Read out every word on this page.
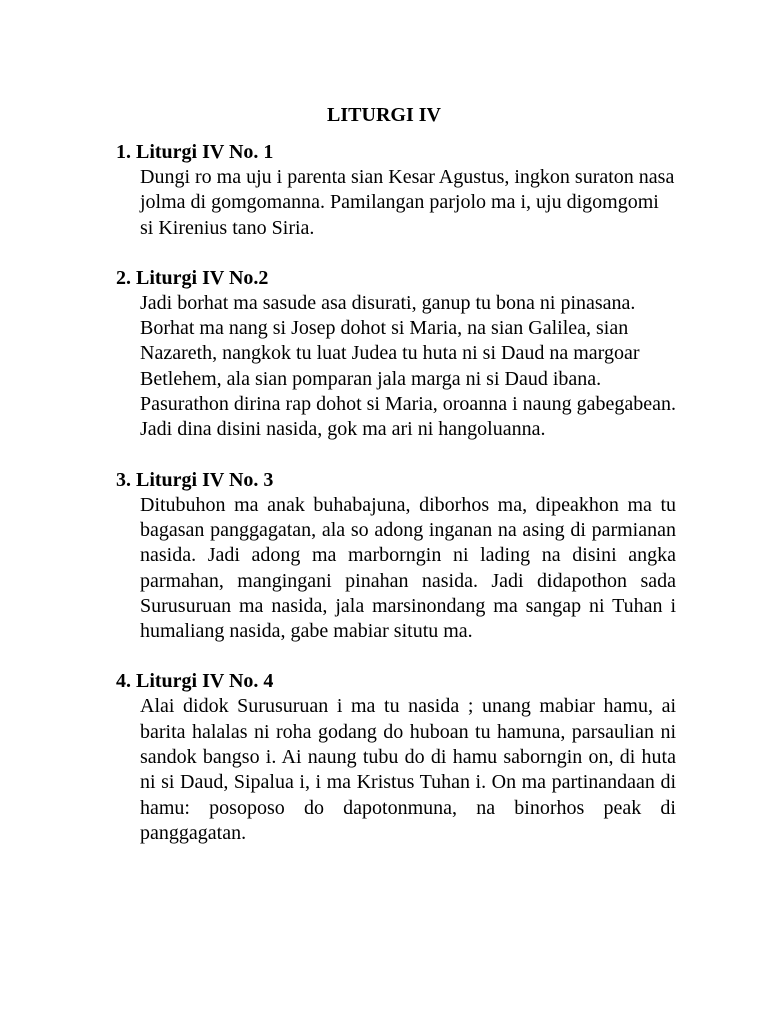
LITURGI IV

1. Liturgi IV No. 1

Dungi ro ma uju i parenta sian Kesar Agustus, ingkon suraton nasa jolma di gomgomanna. Pamilangan parjolo ma i, uju digomgomi si Kirenius tano Siria.

2. Liturgi IV No.2

Jadi borhat ma sasude asa disurati, ganup tu bona ni pinasana. Borhat ma nang si Josep dohot si Maria, na sian Galilea, sian Nazareth, nangkok tu luat Judea tu huta ni si Daud na margoar Betlehem, ala sian pomparan jala marga ni si Daud ibana. Pasurathon dirina rap dohot si Maria, oroanna i naung gabegabean. Jadi dina disini nasida, gok ma ari ni hangoluanna.

3. Liturgi IV No. 3

Ditubuhon ma anak buhabajuna, diborhos ma, dipeakhon ma tu bagasan panggagatan, ala so adong inganan na asing di parmianan nasida. Jadi adong ma marborngin ni lading na disini angka parmahan, mangingani pinahan nasida. Jadi didapothon sada Surusuruan ma nasida, jala marsinondang ma sangap ni Tuhan i humaliang nasida, gabe mabiar situtu ma.

4. Liturgi IV No. 4

Alai didok Surusuruan i ma tu nasida ; unang mabiar hamu, ai barita halalas ni roha godang do huboan tu hamuna, parsaulian ni sandok bangso i. Ai naung tubu do di hamu saborngin on, di huta ni si Daud, Sipalua i, i ma Kristus Tuhan i. On ma partinandaan di hamu: posoposo do dapotonmuna, na binorhos peak di panggagatan.
